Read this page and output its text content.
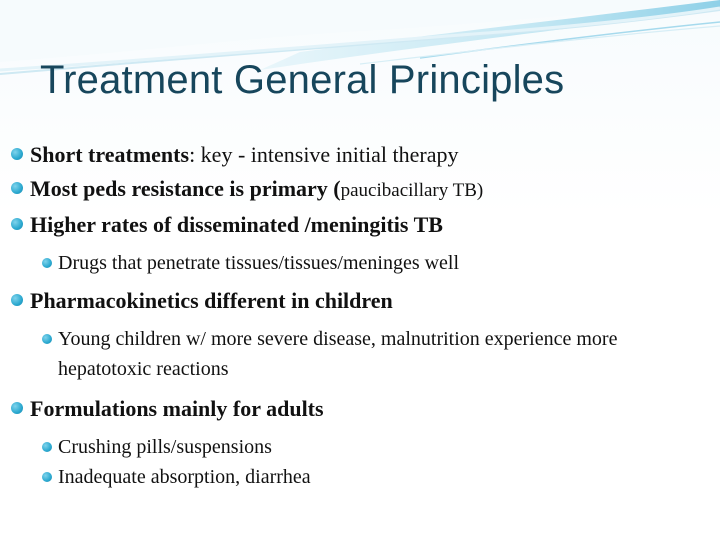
Treatment General Principles
Short treatments: key - intensive initial therapy
Most peds resistance is primary (paucibacillary TB)
Higher rates of disseminated /meningitis TB
Drugs that penetrate tissues/tissues/meninges well
Pharmacokinetics different in children
Young children w/ more severe disease, malnutrition experience more hepatotoxic reactions
Formulations mainly for adults
Crushing pills/suspensions
Inadequate absorption, diarrhea
